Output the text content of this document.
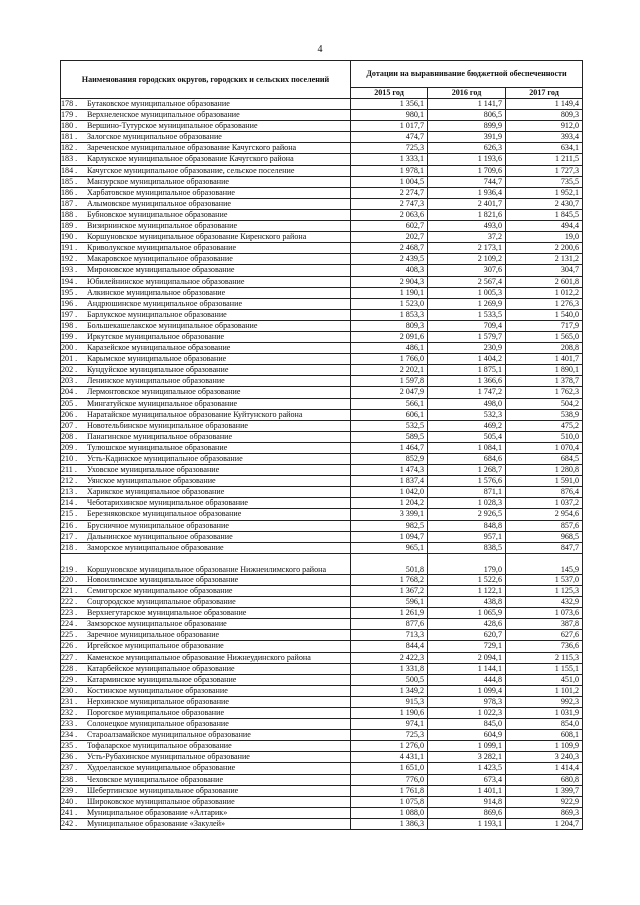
4
Наименования городских округов, городских и сельских поселений	Дотации на выравнивание бюджетной обеспеченности		
	2015 год	2016 год	2017 год
178 . Бутаковское муниципальное образование	1 356,1	1 141,7	1 149,4
179 . Верхнеленское муниципальное образование	980,1	806,5	809,3
180 . Вершино-Тутурское муниципальное образование	1 017,7	899,9	912,0
181 . Залогское муниципальное образование	474,7	391,9	393,4
182 . Зареченское муниципальное образование Качугского района	725,3	626,3	634,1
183 . Карлукское муниципальное образование Качугского района	1 333,1	1 193,6	1 211,5
184 . Качугское муниципальное образование, сельское поселение	1 978,1	1 709,6	1 727,3
185 . Манзурское муниципальное образование	1 004,5	744,7	735,5
186 . Харбатовское муниципальное образование	2 274,7	1 936,4	1 952,1
187 . Алымовское муниципальное образование	2 747,3	2 401,7	2 430,7
188 . Бубновское муниципальное образование	2 063,6	1 821,6	1 845,5
189 . Визирнинское муниципальное образование	602,7	493,0	494,4
190 . Коршуновское муниципальное образование Киренского района	202,7	37,2	19,0
191 . Криволукское муниципальное образование	2 468,7	2 173,1	2 200,6
192 . Макаровское муниципальное образование	2 439,5	2 109,2	2 131,2
193 . Мироновское муниципальное образование	408,3	307,6	304,7
194 . Юбилейнинское муниципальное образование	2 904,3	2 567,4	2 601,8
195 . Алкинское муниципальное образование	1 190,1	1 005,3	1 012,2
196 . Андрюшинское муниципальное образование	1 523,0	1 269,9	1 276,3
197 . Барлукское муниципальное образование	1 853,3	1 533,5	1 540,0
198 . Большекашелакское муниципальное образование	809,3	709,4	717,9
199 . Иркутское муниципальное образование	2 091,6	1 579,7	1 565,0
200 . Каразейское муниципальное образование	486,1	230,9	208,8
201 . Карымское муниципальное образование	1 766,0	1 404,2	1 401,7
202 . Кундуйское муниципальное образование	2 202,1	1 875,1	1 890,1
203 . Ленинское муниципальное образование	1 597,8	1 366,6	1 378,7
204 . Лермонтовское муниципальное образование	2 047,9	1 747,2	1 762,3
205 . Мингатуйское муниципальное образование	566,1	498,0	504,2
206 . Наратайское муниципальное образование Куйтунского района	606,1	532,3	538,9
207 . Новотельбинское муниципальное образование	532,5	469,2	475,2
208 . Панагинское муниципальное образование	589,5	505,4	510,0
209 . Тулюшское муниципальное образование	1 464,7	1 084,1	1 070,4
210 . Усть-Кадинское муниципальное образование	852,9	684,6	684,5
211 . Уховское муниципальное образование	1 474,3	1 268,7	1 280,8
212 . Уянское муниципальное образование	1 837,4	1 576,6	1 591,0
213 . Харикское муниципальное образование	1 042,0	871,1	876,4
214 . Чеботарихинское муниципальное образование	1 204,2	1 028,3	1 037,2
215 . Березняковское муниципальное образование	3 399,1	2 926,5	2 954,6
216 . Брусничное муниципальное образование	982,5	848,8	857,6
217 . Дальнинское муниципальное образование	1 094,7	957,1	968,5
218 . Заморское муниципальное образование	965,1	838,5	847,7
219 . Коршуновское муниципальное образование Нижнеилимского района	501,8	179,0	145,9
220 . Новоилимское муниципальное образование	1 768,2	1 522,6	1 537,0
221 . Семигорское муниципальное образование	1 367,2	1 122,1	1 125,3
222 . Соцгородское муниципальное образование	596,1	438,8	432,9
223 . Верхнегутарское муниципальное образование	1 261,9	1 065,9	1 073,6
224 . Замзорское муниципальное образование	877,6	428,6	387,8
225 . Заречное муниципальное образование	713,3	620,7	627,6
226 . Иргейское муниципальное образование	844,4	729,1	736,6
227 . Каменское муниципальное образование Нижнеудинского района	2 422,3	2 094,1	2 115,3
228 . Катарбейское муниципальное образование	1 331,8	1 144,1	1 155,1
229 . Катарминское муниципальное образование	500,5	444,8	451,0
230 . Костинское муниципальное образование	1 349,2	1 099,4	1 101,2
231 . Нерхинское муниципальное образование	915,3	978,3	992,3
232 . Порогское муниципальное образование	1 190,6	1 022,3	1 031,9
233 . Солонецкое муниципальное образование	974,1	845,0	854,0
234 . Староалзамайское муниципальное образование	725,3	604,9	608,1
235 . Тофаларское муниципальное образование	1 276,0	1 099,1	1 109,9
236 . Усть-Рубахинское муниципальное образование	4 431,1	3 282,1	3 240,3
237 . Худоеланское муниципальное образование	1 651,0	1 423,5	1 414,4
238 . Чеховское муниципальное образование	776,0	673,4	680,8
239 . Шебертинское муниципальное образование	1 761,8	1 401,1	1 399,7
240 . Широковское муниципальное образование	1 075,8	914,8	922,9
241 . Муниципальное образование «Алтарик»	1 088,0	869,6	869,3
242 . Муниципальное образование «Закулей»	1 386,3	1 193,1	1 204,7
